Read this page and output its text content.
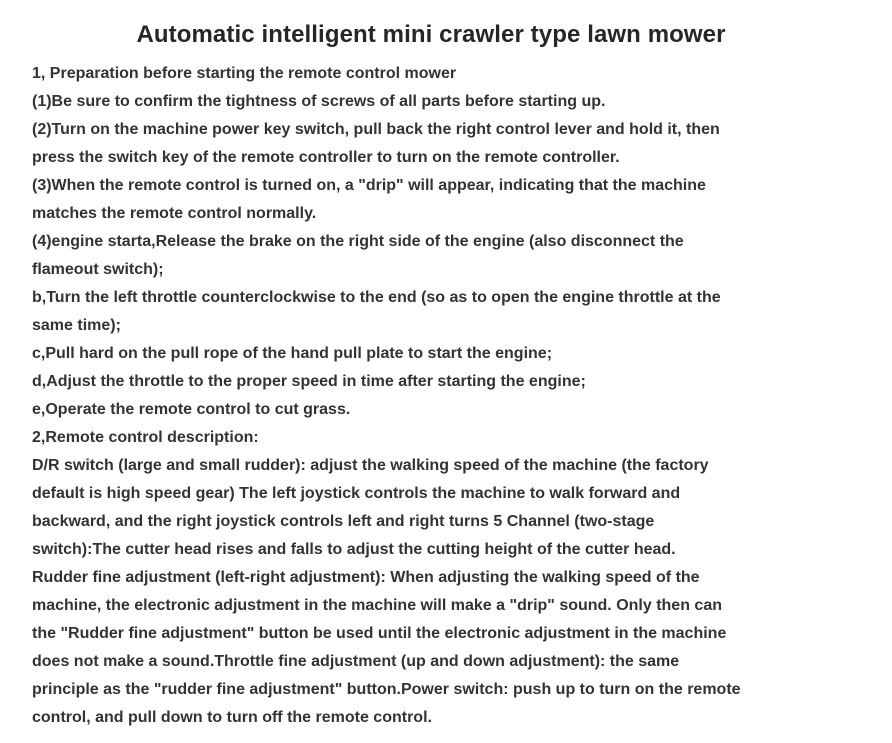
Automatic intelligent mini crawler type lawn mower
1, Preparation before starting the remote control mower
(1)Be sure to confirm the tightness of screws of all parts before starting up.
(2)Turn on the machine power key switch, pull back the right control lever and hold it, then
press the switch key of the remote controller to turn on the remote controller.
(3)When the remote control is turned on, a "drip" will appear, indicating that the machine
matches the remote control normally.
(4)engine starta,Release the brake on the right side of the engine (also disconnect the
flameout switch);
b,Turn the left throttle counterclockwise to the end (so as to open the engine throttle at the
same time);
c,Pull hard on the pull rope of the hand pull plate to start the engine;
d,Adjust the throttle to the proper speed in time after starting the engine;
e,Operate the remote control to cut grass.
2,Remote control description:
D/R switch (large and small rudder): adjust the walking speed of the machine (the factory
default is high speed gear) The left joystick controls the machine to walk forward and
backward, and the right joystick controls left and right turns 5 Channel (two-stage
switch):The cutter head rises and falls to adjust the cutting height of the cutter head.
Rudder fine adjustment (left-right adjustment): When adjusting the walking speed of the
machine, the electronic adjustment in the machine will make a "drip" sound. Only then can
the "Rudder fine adjustment" button be used until the electronic adjustment in the machine
does not make a sound.Throttle fine adjustment (up and down adjustment): the same
principle as the "rudder fine adjustment" button.Power switch: push up to turn on the remote
control, and pull down to turn off the remote control.
